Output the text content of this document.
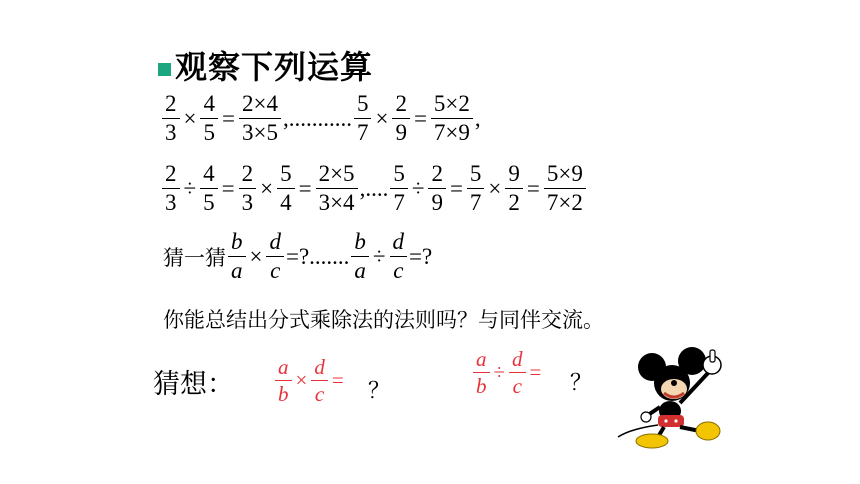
观察下列运算
$\frac{2}{3} \times \frac{4}{5} = \frac{2\times 4}{3\times 5}$ ,........... $\frac{5}{7} \times \frac{2}{9} = \frac{5\times 2}{7\times 9}$ ,
$\frac{2}{3} \div \frac{4}{5} = \frac{2}{3} \times \frac{5}{4} = \frac{2\times 5}{3\times 4}$ ,.... $\frac{5}{7} \div \frac{2}{9} = \frac{5}{7} \times \frac{9}{2} = \frac{5\times 9}{7\times 2}$
猜一猜 $\frac{b}{a} \times \frac{d}{c}$ =?....... $\frac{b}{a} \div \frac{d}{c}$ =?
你能总结出分式乘除法的法则吗？与同伴交流。
猜想： $\frac{a}{b} \times \frac{d}{c}$ = ？	$\frac{a}{b} \div \frac{d}{c}$ = ？
